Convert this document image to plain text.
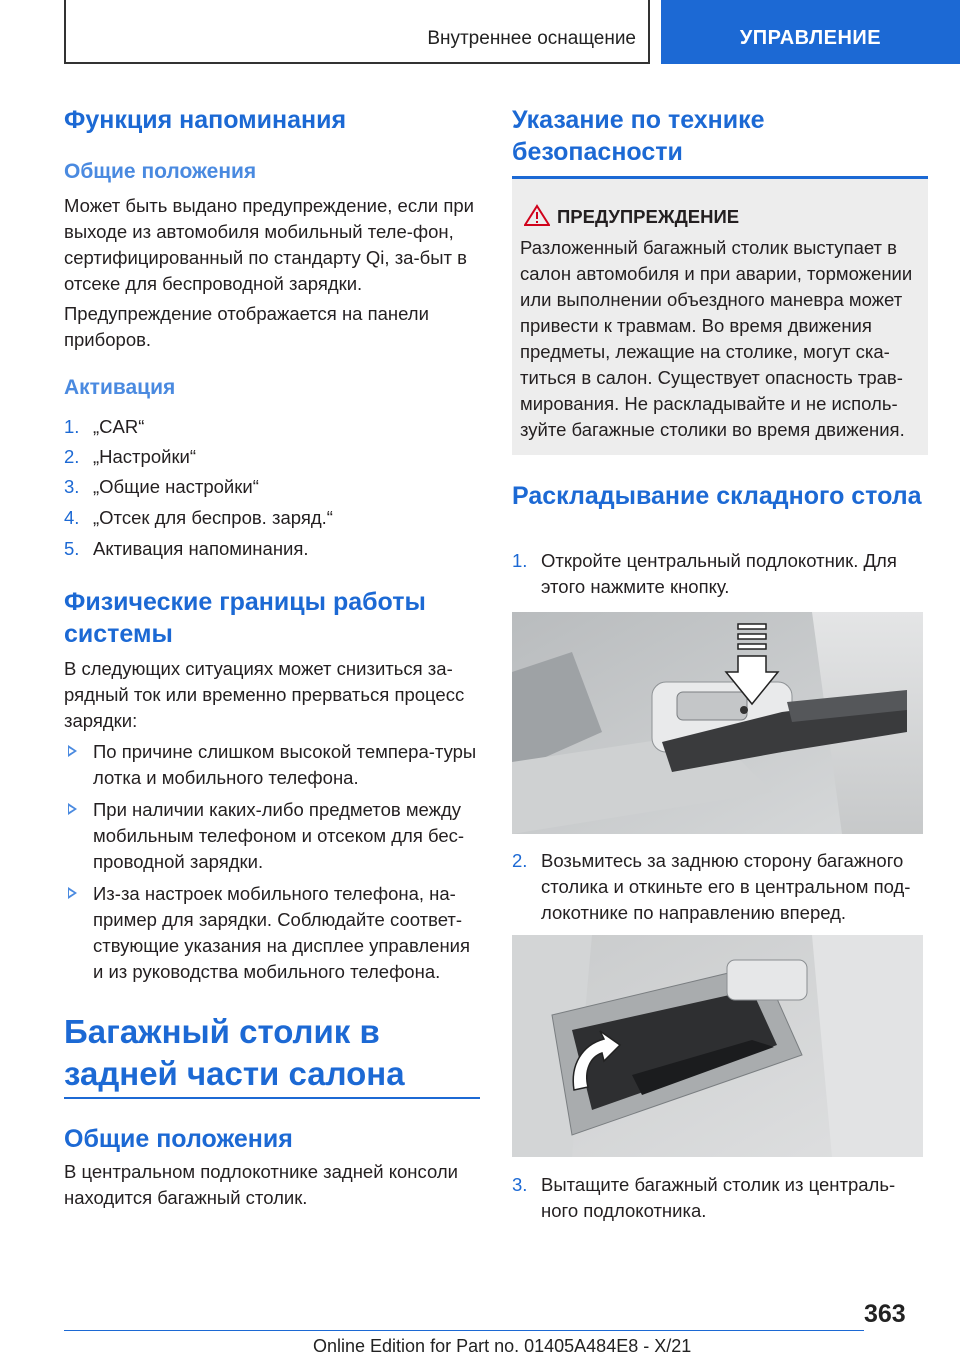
Внутреннее оснащение	УПРАВЛЕНИЕ
Функция напоминания
Общие положения

Может быть выдано предупреждение, если при выходе из автомобиля мобильный теле-фон, сертифицированный по стандарту Qi, за-быт в отсеке для беспроводной зарядки.

Предупреждение отображается на панели приборов.

Активация
1. „CAR“
2. „Настройки“
3. „Общие настройки“
4. „Отсек для беспров. заряд.“
5. Активация напоминания.
Физические границы работы системы

В следующих ситуациях может снизиться за-рядный ток или временно прерваться процесс зарядки:

По причине слишком высокой темпера-туры лотка и мобильного телефона.
При наличии каких-либо предметов между мобильным телефоном и отсеком для бес-проводной зарядки.
Из-за настроек мобильного телефона, на-пример для зарядки. Соблюдайте соответ-ствующие указания на дисплее управления и из руководства мобильного телефона.
Багажный столик в задней части салона
Общие положения

В центральном подлокотнике задней консоли находится багажный столик.

Указание по технике безопасности
ПРЕДУПРЕЖДЕНИЕ

Разложенный багажный столик выступает в салон автомобиля и при аварии, торможении или выполнении объездного маневра может привести к травмам. Во время движения предметы, лежащие на столике, могут ска-титься в салон. Существует опасность трав-мирования. Не раскладывайте и не исполь-зуйте багажные столики во время движения.

Раскладывание складного стола
1. Откройте центральный подлокотник. Для этого нажмите кнопку.
2. Возьмитесь за заднюю сторону багажного столика и откиньте его в центральном под-локотнике по направлению вперед.
3. Вытащите багажный столик из централь-ного подлокотника.
363
Online Edition for Part no. 01405A484E8 - X/21
